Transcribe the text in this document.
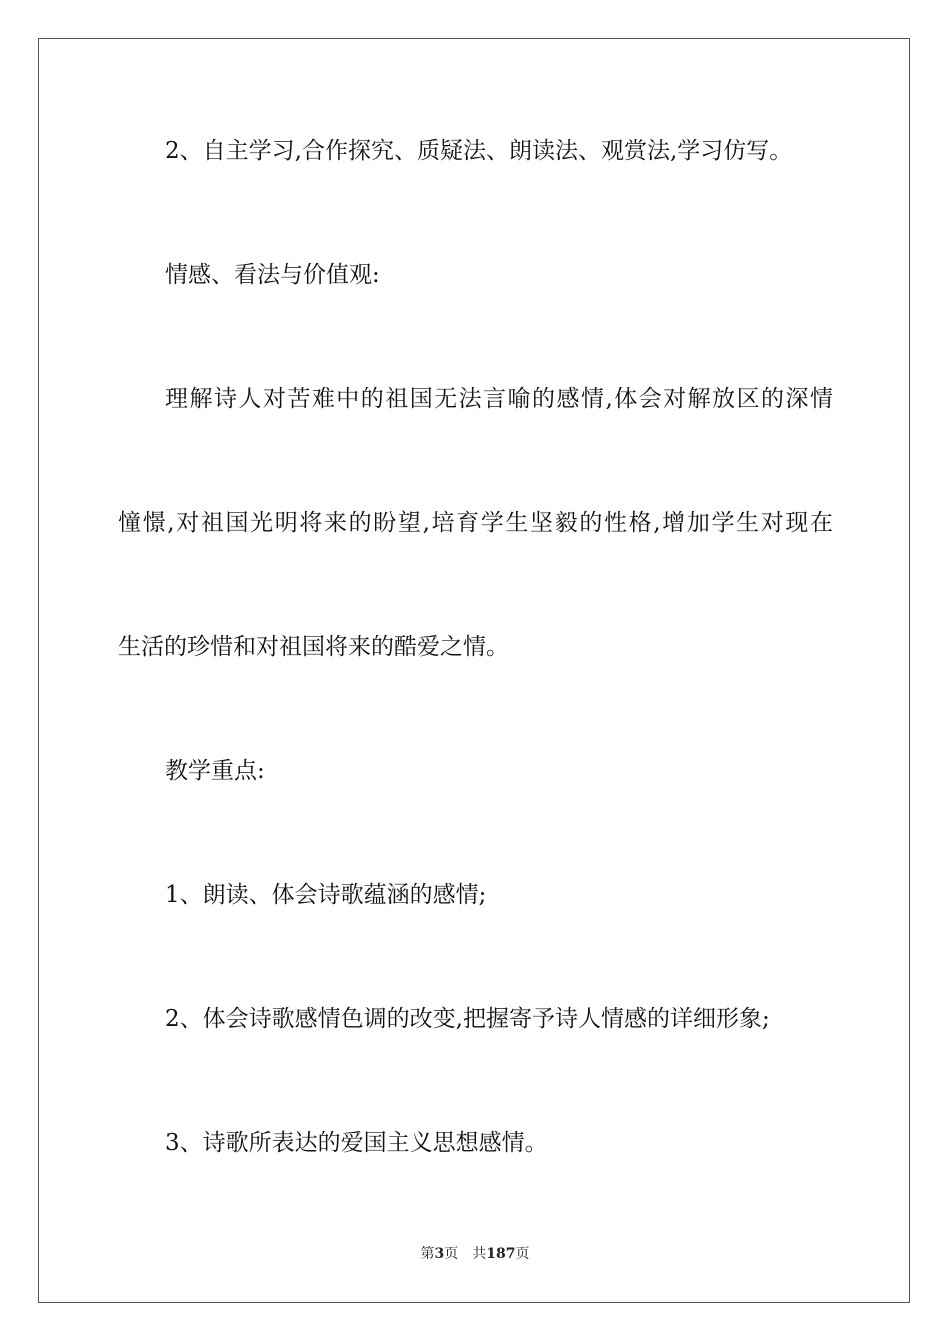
2、自主学习,合作探究、质疑法、朗读法、观赏法,学习仿写。

情感、看法与价值观:

理解诗人对苦难中的祖国无法言喻的感情,体会对解放区的深情

憧憬,对祖国光明将来的盼望,培育学生坚毅的性格,增加学生对现在

生活的珍惜和对祖国将来的酷爱之情。

教学重点:

1、朗读、体会诗歌蕴涵的感情;

2、体会诗歌感情色调的改变,把握寄予诗人情感的详细形象;

3、诗歌所表达的爱国主义思想感情。

第3页 共187页
